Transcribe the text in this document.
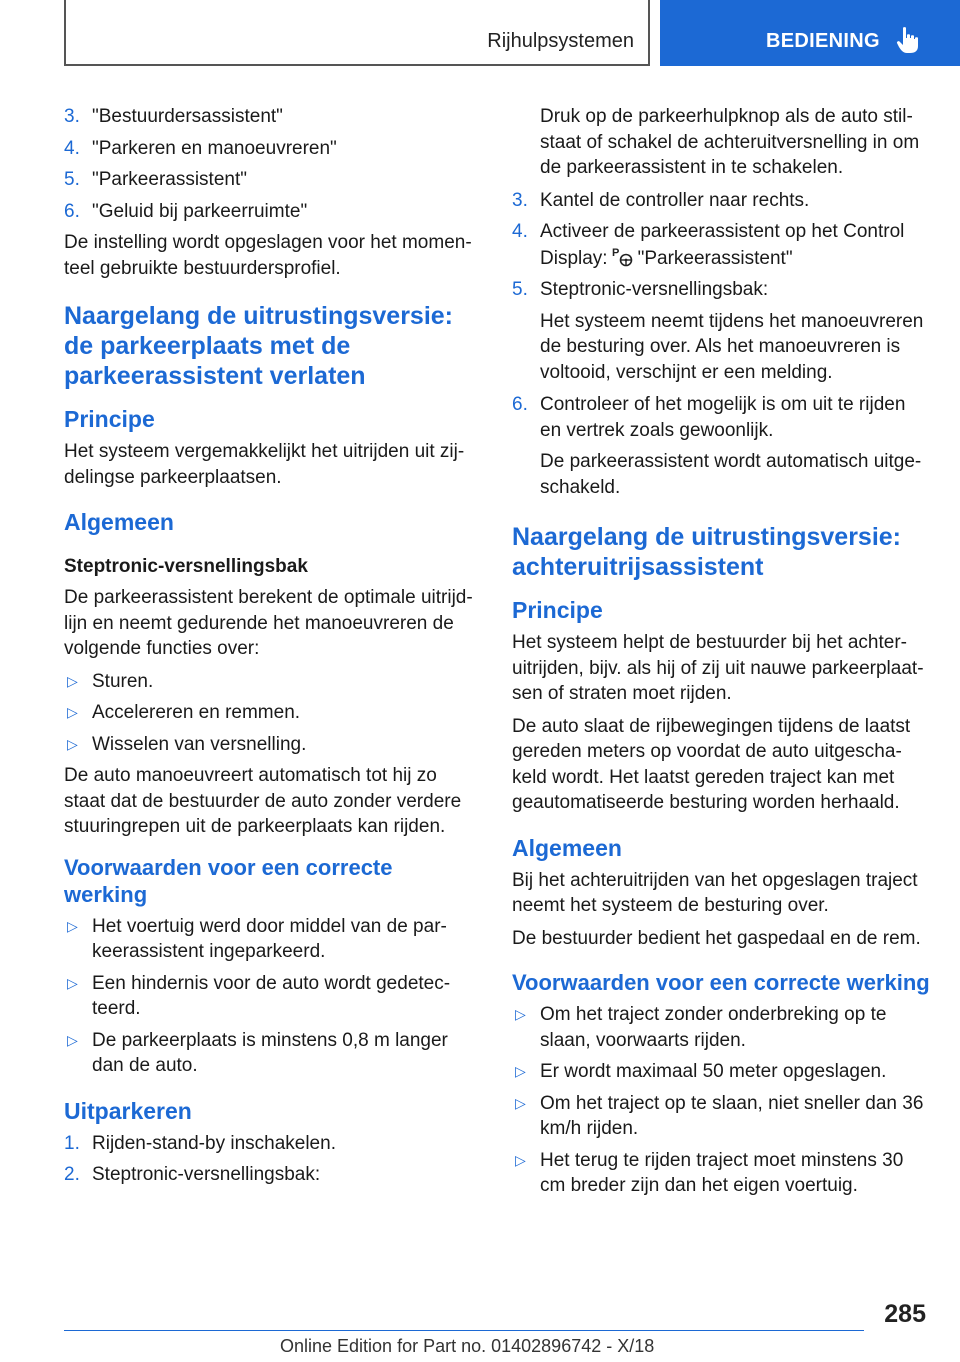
Rijhulpsystemen	BEDIENING
3. "Bestuurdersassistent"
4. "Parkeren en manoeuvreren"
5. "Parkeerassistent"
6. "Geluid bij parkeerruimte"

De instelling wordt opgeslagen voor het momenteel gebruikte bestuurdersprofiel.

Naargelang de uitrustingsversie: de parkeerplaats met de parkeerassistent verlaten
Principe

Het systeem vergemakkelijkt het uitrijden uit zijdelingse parkeerplaatsen.

Algemeen
Steptronic-versnellingsbak

De parkeerassistent berekent de optimale uitrijdlijn en neemt gedurende het manoeuvreren de volgende functies over:

▷ Sturen.
▷ Accelereren en remmen.
▷ Wisselen van versnelling.

De auto manoeuvreert automatisch tot hij zo staat dat de bestuurder de auto zonder verdere stuuringrepen uit de parkeerplaats kan rijden.

Voorwaarden voor een correcte werking
▷ Het voertuig werd door middel van de parkeerassistent ingeparkeerd.
▷ Een hindernis voor de auto wordt gedetecteerd.
▷ De parkeerplaats is minstens 0,8 m langer dan de auto.
Uitparkeren
1. Rijden-stand-by inschakelen.
2. Steptronic-versnellingsbak:

Druk op de parkeerhulpknop als de auto stilstaat of schakel de achteruitversnelling in om de parkeerassistent in te schakelen.

3. Kantel de controller naar rechts.
4. Activeer de parkeerassistent op het Control Display: P "Parkeerassistent"
5. Steptronic-versnellingsbak:

Het systeem neemt tijdens het manoeuvreren de besturing over. Als het manoeuvreren is voltooid, verschijnt er een melding.

6. Controleer of het mogelijk is om uit te rijden en vertrek zoals gewoonlijk.

De parkeerassistent wordt automatisch uitgeschakeld.

Naargelang de uitrustingsversie: achteruitrijsassistent
Principe

Het systeem helpt de bestuurder bij het achteruitrijden, bijv. als hij of zij uit nauwe parkeerplaatsen of straten moet rijden.

De auto slaat de rijbewegingen tijdens de laatst gereden meters op voordat de auto uitgeschakeld wordt. Het laatst gereden traject kan met geautomatiseerde besturing worden herhaald.

Algemeen

Bij het achteruitrijden van het opgeslagen traject neemt het systeem de besturing over.

De bestuurder bedient het gaspedaal en de rem.

Voorwaarden voor een correcte werking
▷ Om het traject zonder onderbreking op te slaan, voorwaarts rijden.
▷ Er wordt maximaal 50 meter opgeslagen.
▷ Om het traject op te slaan, niet sneller dan 36 km/h rijden.
▷ Het terug te rijden traject moet minstens 30 cm breder zijn dan het eigen voertuig.
285
Online Edition for Part no. 01402896742 - X/18
